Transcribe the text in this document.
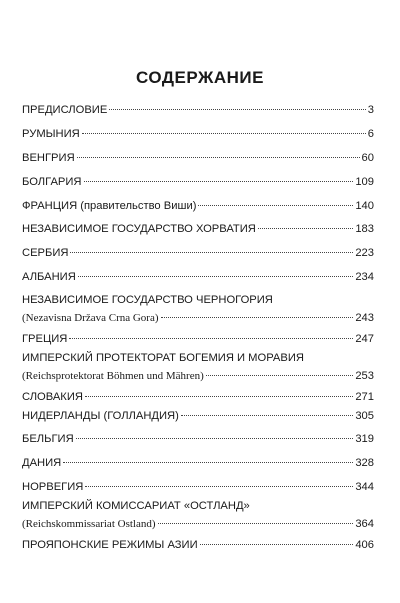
СОДЕРЖАНИЕ
ПРЕДИСЛОВИЕ	3
РУМЫНИЯ	6
ВЕНГРИЯ	60
БОЛГАРИЯ	109
ФРАНЦИЯ (правительство Виши)	140
НЕЗАВИСИМОЕ ГОСУДАРСТВО ХОРВАТИЯ	183
СЕРБИЯ	223
АЛБАНИЯ	234
НЕЗАВИСИМОЕ ГОСУДАРСТВО ЧЕРНОГОРИЯ
(Nezavisna Država Crna Gora)	243
ГРЕЦИЯ	247
ИМПЕРСКИЙ ПРОТЕКТОРАТ БОГЕМИЯ И МОРАВИЯ
(Reichsprotektorat Böhmen und Mähren)	253
СЛОВАКИЯ	271
НИДЕРЛАНДЫ (ГОЛЛАНДИЯ)	305
БЕЛЬГИЯ	319
ДАНИЯ	328
НОРВЕГИЯ	344
ИМПЕРСКИЙ КОМИССАРИАТ «ОСТЛАНД»
(Reichskommissariat Ostland)	364
ПРОЯПОНСКИЕ РЕЖИМЫ АЗИИ	406
